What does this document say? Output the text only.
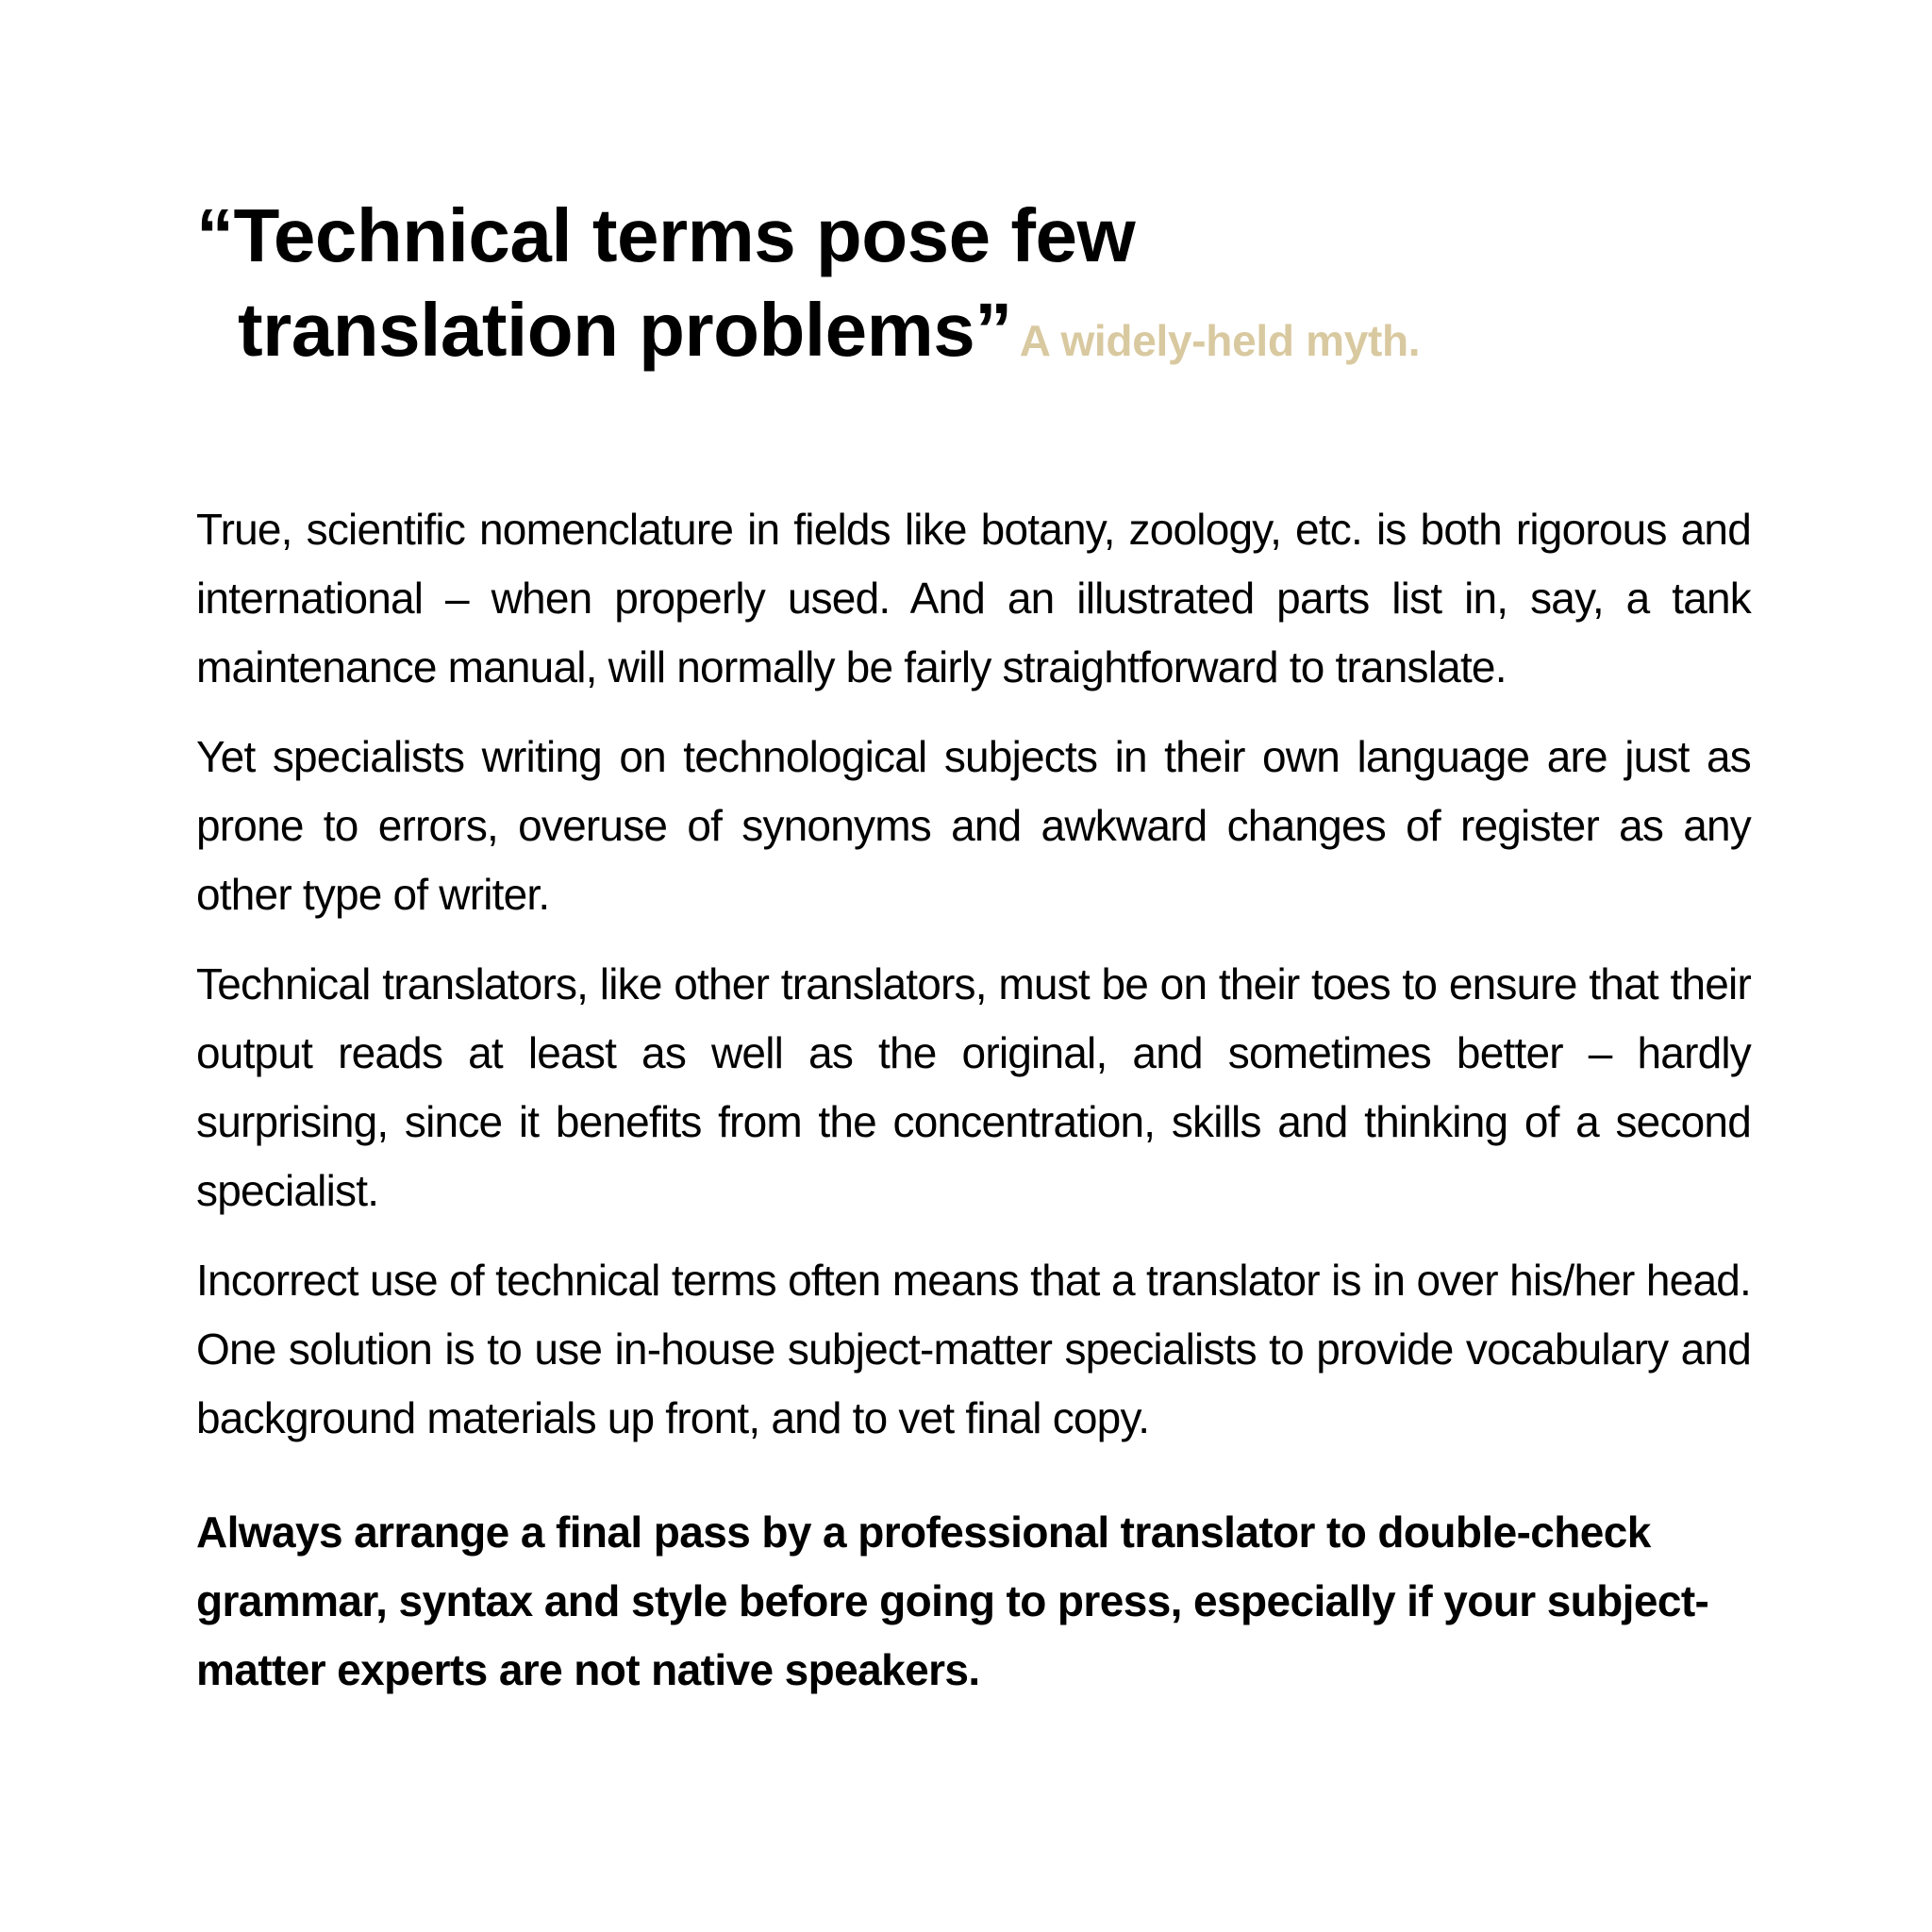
“Technical terms pose few
translation problems” A widely-held myth.

True, scientific nomenclature in fields like botany, zoology, etc. is both rigorous and international – when properly used. And an illustrated parts list in, say, a tank maintenance manual, will normally be fairly straightforward to translate.

Yet specialists writing on technological subjects in their own language are just as prone to errors, overuse of synonyms and awkward changes of register as any other type of writer.

Technical translators, like other translators, must be on their toes to ensure that their output reads at least as well as the original, and sometimes better – hardly surprising, since it benefits from the concentration, skills and thinking of a second specialist.

Incorrect use of technical terms often means that a translator is in over his/her head. One solution is to use in-house subject-matter specialists to provide vocabulary and background materials up front, and to vet final copy.

Always arrange a final pass by a professional translator to double-check grammar, syntax and style before going to press, especially if your subject-matter experts are not native speakers.
